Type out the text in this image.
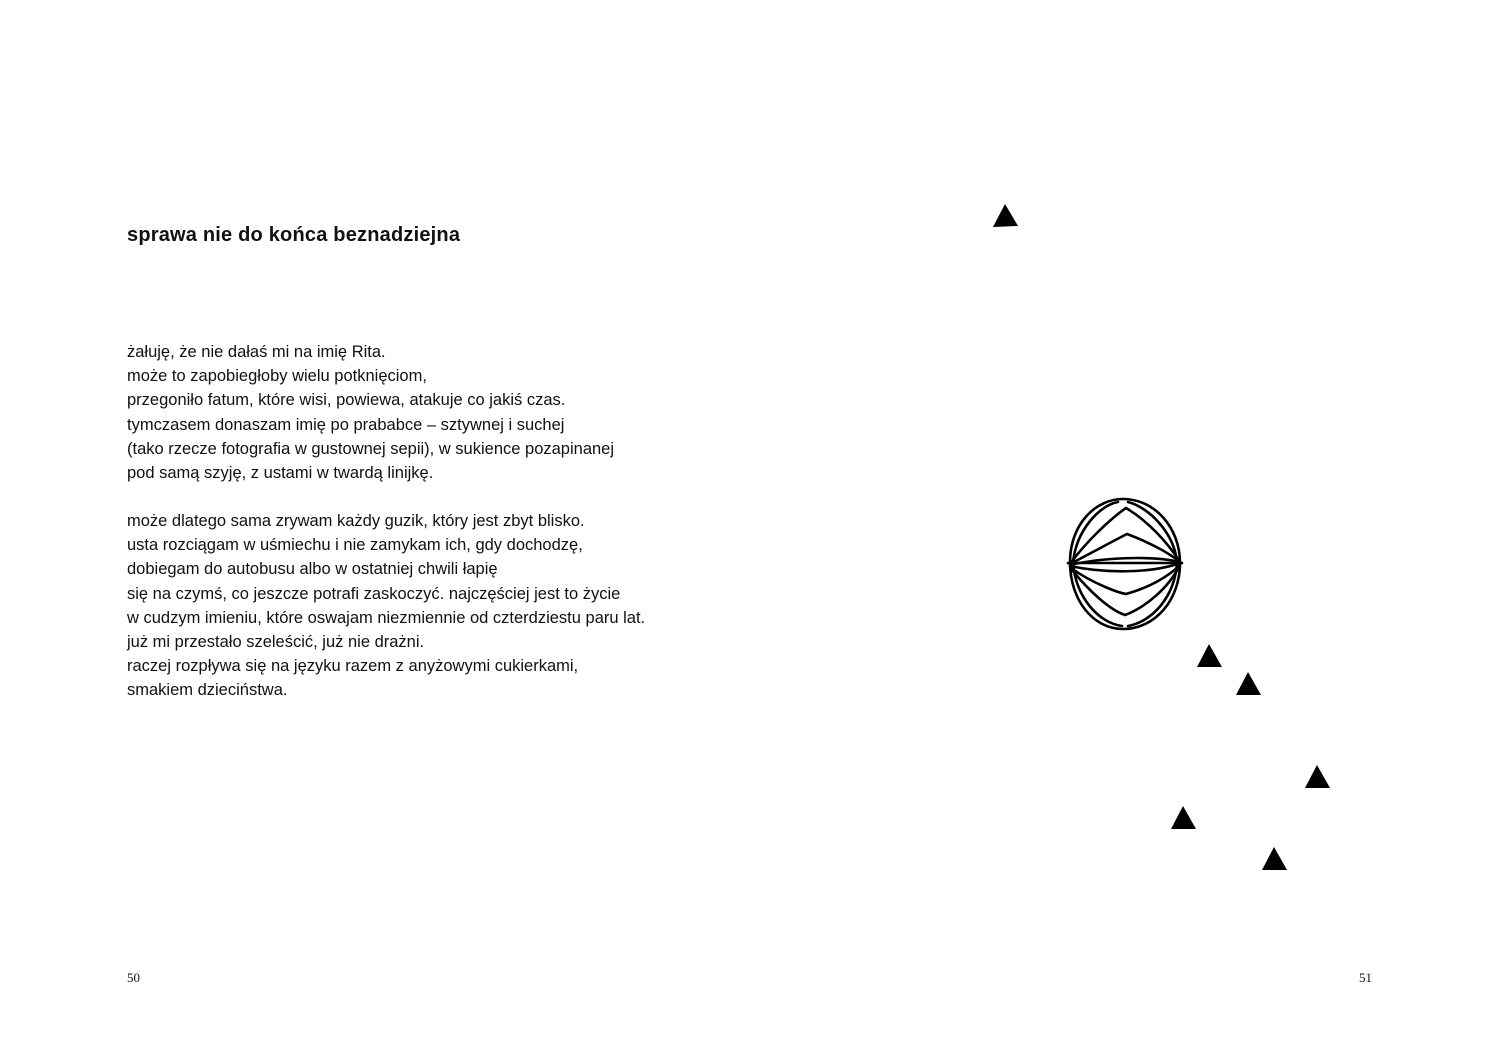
sprawa nie do końca beznadziejna

żałuję, że nie dałaś mi na imię Rita.
może to zapobiegłoby wielu potknięciom,
przegoniło fatum, które wisi, powiewa, atakuje co jakiś czas.
tymczasem donaszam imię po prababce – sztywnej i suchej
(tako rzecze fotografia w gustownej sepii), w sukience pozapinanej
pod samą szyję, z ustami w twardą linijkę.

może dlatego sama zrywam każdy guzik, który jest zbyt blisko.
usta rozciągam w uśmiechu i nie zamykam ich, gdy dochodzę,
dobiegam do autobusu albo w ostatniej chwili łapię
się na czymś, co jeszcze potrafi zaskoczyć. najczęściej jest to życie
w cudzym imieniu, które oswajam niezmiennie od czterdziestu paru lat.
już mi przestało szeleścić, już nie drażni.
raczej rozpływa się na języku razem z anyżowymi cukierkami,
smakiem dzieciństwa.

50	51
